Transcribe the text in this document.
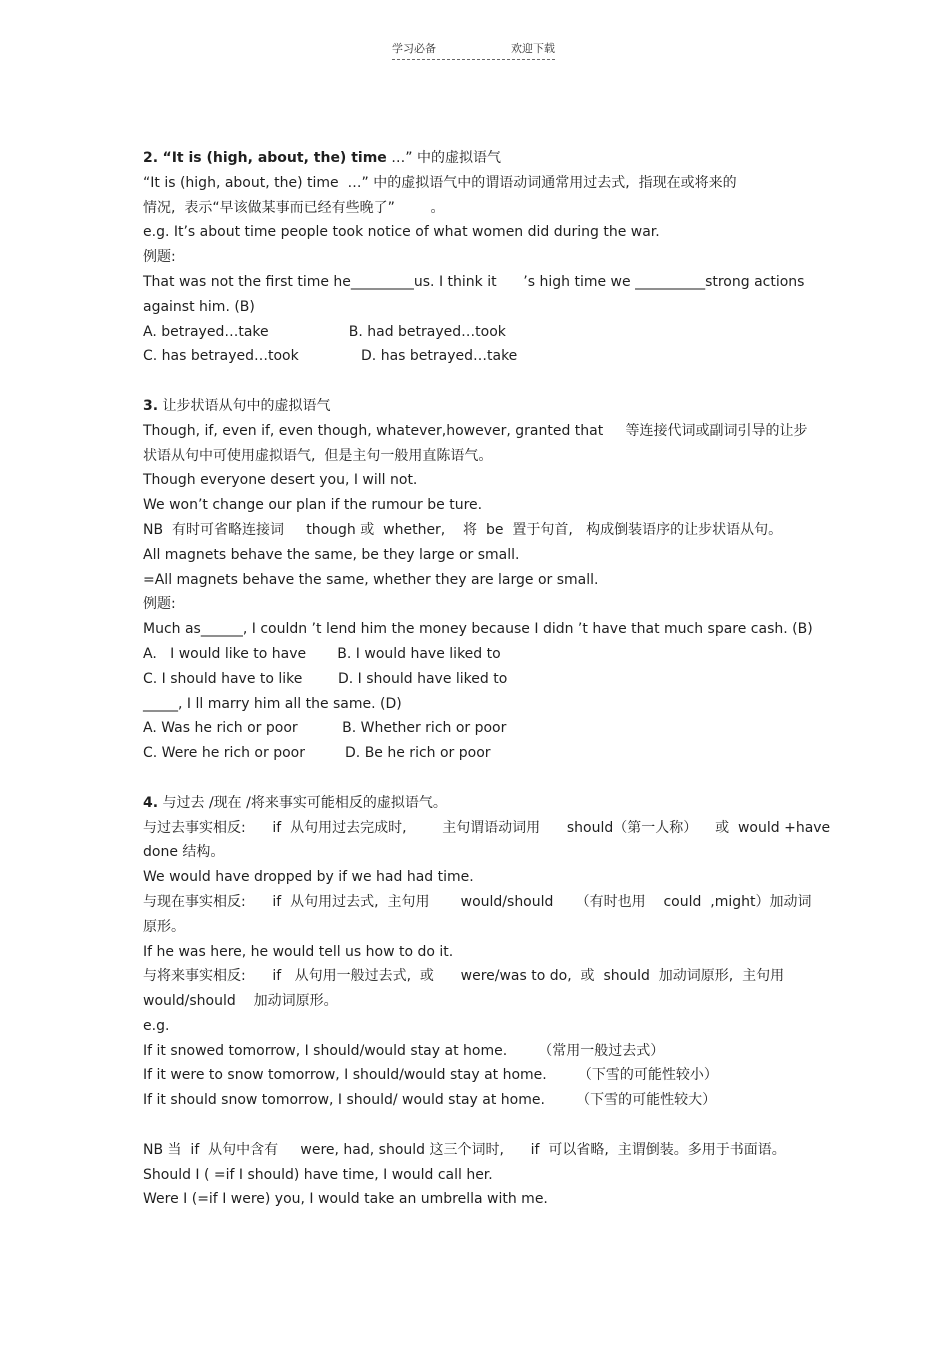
学习必备	欢迎下载
2. “It is (high, about, the) time …” 中的虚拟语气
“It is (high, about, the) time  …” 中的虚拟语气中的谓语动词通常用过去式,  指现在或将来的
情况,  表示“早该做某事而已经有些晚了”        。
e.g. It’s about time people took notice of what women did during the war.
例题:
That was not the first time he_________us. I think it      ’s high time we __________strong actions
against him. (B)
A. betrayed…take                  B. had betrayed…took
C. has betrayed…took              D. has betrayed…take
3. 让步状语从句中的虚拟语气
Though, if, even if, even though, whatever,however, granted that     等连接代词或副词引导的让步
状语从句中可使用虚拟语气,  但是主句一般用直陈语气。
Though everyone desert you, I will not.
We won’t change our plan if the rumour be ture.
NB  有时可省略连接词     though 或  whether,    将  be  置于句首,   构成倒装语序的让步状语从句。
All magnets behave the same, be they large or small.
=All magnets behave the same, whether they are large or small.
例题:
Much as______, I couldn ’t lend him the money because I didn ’t have that much spare cash. (B)
A.   I would like to have       B. I would have liked to
C. I should have to like        D. I should have liked to
_____, I ll marry him all the same. (D)
A. Was he rich or poor          B. Whether rich or poor
C. Were he rich or poor         D. Be he rich or poor
4. 与过去 /现在 /将来事实可能相反的虚拟语气。
与过去事实相反:      if  从句用过去完成时,        主句谓语动词用      should（第一人称）    或  would +have
done 结构。
We would have dropped by if we had had time.
与现在事实相反:      if  从句用过去式,  主句用       would/should     （有时也用    could  ,might）加动词
原形。
If he was here, he would tell us how to do it.
与将来事实相反:      if   从句用一般过去式,  或      were/was to do,  或  should  加动词原形,  主句用
would/should    加动词原形。
e.g.
If it snowed tomorrow, I should/would stay at home.       （常用一般过去式）
If it were to snow tomorrow, I should/would stay at home.       （下雪的可能性较小）
If it should snow tomorrow, I should/ would stay at home.       （下雪的可能性较大）
NB 当  if  从句中含有     were, had, should 这三个词时,      if  可以省略,  主谓倒装。多用于书面语。
Should I ( =if I should) have time, I would call her.
Were I (=if I were) you, I would take an umbrella with me.
